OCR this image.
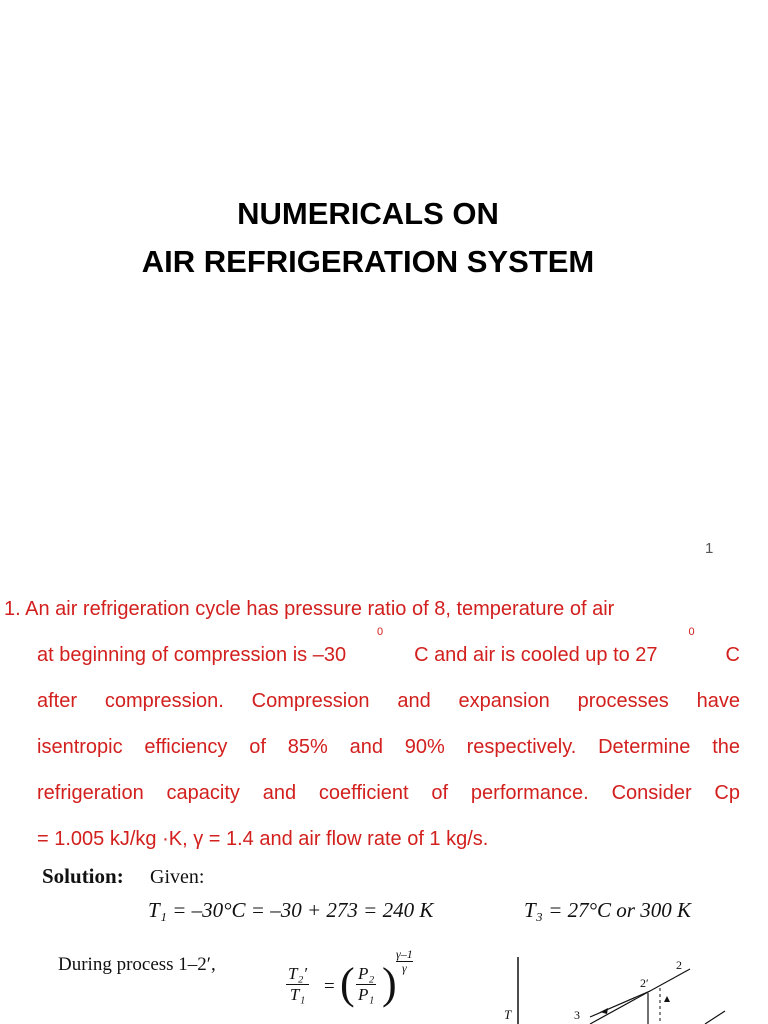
NUMERICALS ON
AIR REFRIGERATION SYSTEM
1
1. An air refrigeration cycle has pressure ratio of 8, temperature of air
at beginning of compression is –30
0
C and air is cooled up to 27
0
C
after compression. Compression and expansion processes have
isentropic efficiency of 85% and 90% respectively. Determine the
refrigeration capacity and coefficient of performance. Consider Cp
= 1.005 kJ/kg ·K, γ = 1.4 and air flow rate of 1 kg/s.
Solution: Given:
T₁ = –30°C = –30 + 273 = 240 K	T₃ = 27°C or 300 K
During process 1–2′,	$\frac{\text{T₂′}}{\text{T₁}}$ = ( $\frac{\text{P₂}}{\text{P₁}}$ ) $\frac{\gamma-1}{\gamma}$
T
2
2′
3
